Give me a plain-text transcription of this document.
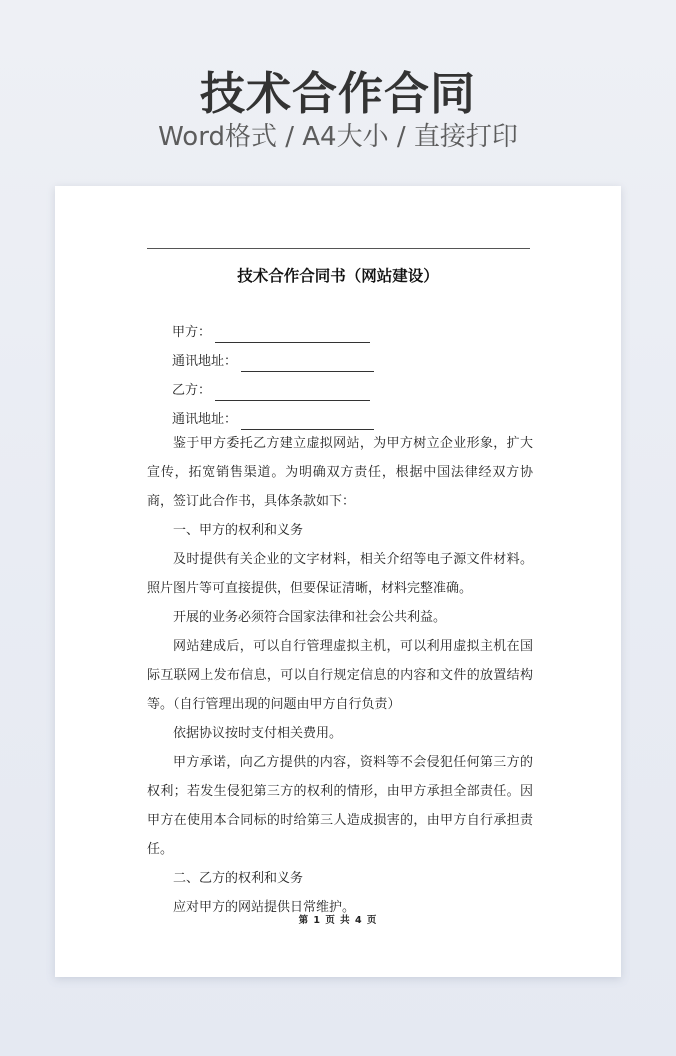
技术合作合同
Word格式 / A4大小 / 直接打印
技术合作合同书（网站建设）
甲方：
通讯地址：
乙方：
通讯地址：

鉴于甲方委托乙方建立虚拟网站，为甲方树立企业形象，扩大宣传，拓宽销售渠道。为明确双方责任，根据中国法律经双方协商，签订此合作书，具体条款如下：

一、甲方的权利和义务

及时提供有关企业的文字材料，相关介绍等电子源文件材料。照片图片等可直接提供，但要保证清晰，材料完整准确。

开展的业务必须符合国家法律和社会公共利益。

网站建成后，可以自行管理虚拟主机，可以利用虚拟主机在国际互联网上发布信息，可以自行规定信息的内容和文件的放置结构等。（自行管理出现的问题由甲方自行负责）

依据协议按时支付相关费用。

甲方承诺，向乙方提供的内容，资料等不会侵犯任何第三方的权利；若发生侵犯第三方的权利的情形，由甲方承担全部责任。因甲方在使用本合同标的时给第三人造成损害的，由甲方自行承担责任。

二、乙方的权利和义务

应对甲方的网站提供日常维护。

第 1 页 共 4 页
